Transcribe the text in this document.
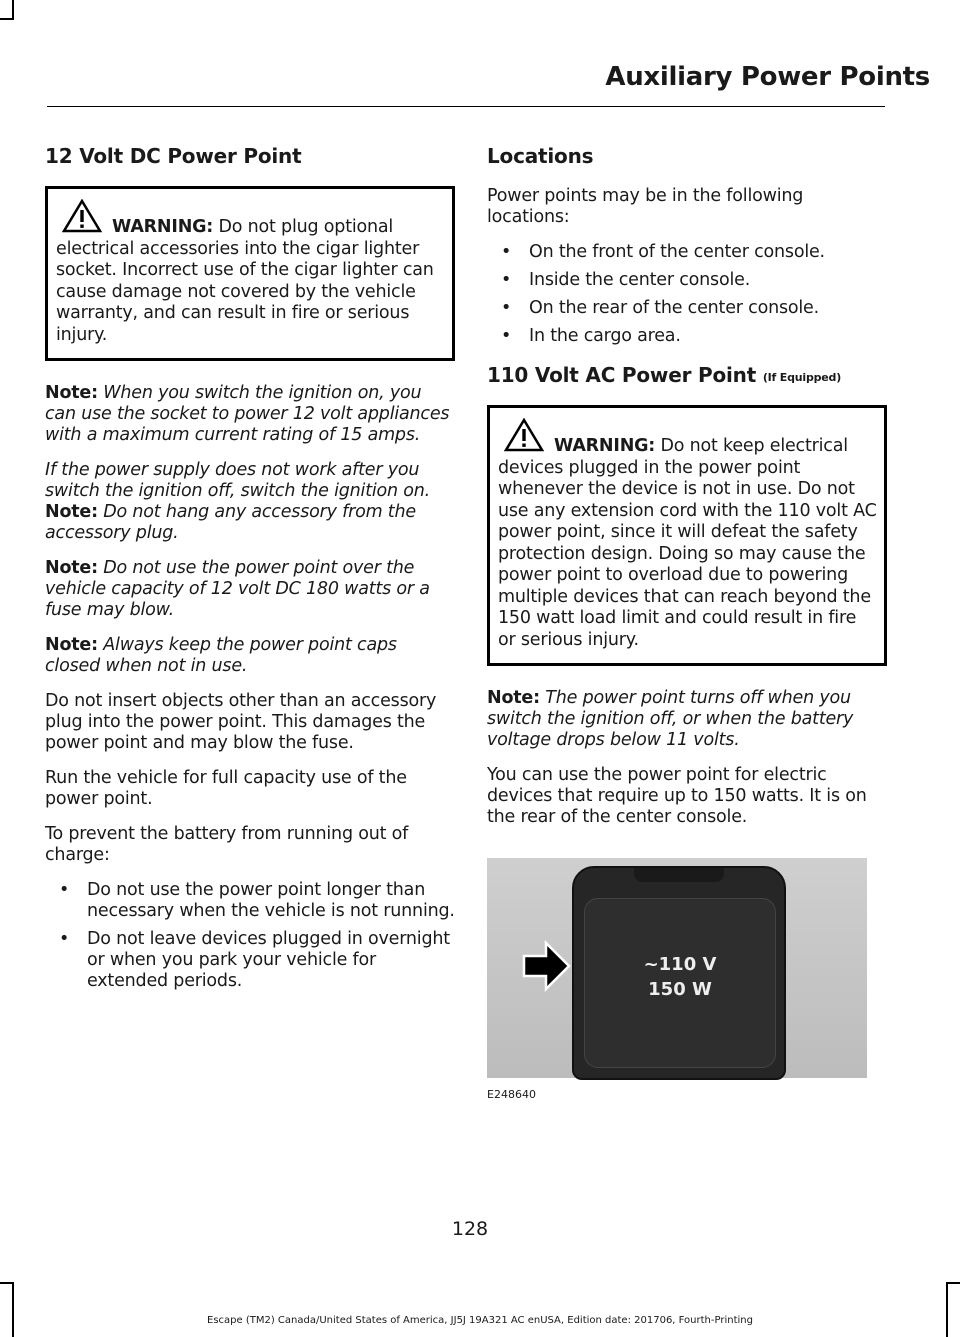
Auxiliary Power Points
12 Volt DC Power Point

WARNING: Do not plug optional

electrical accessories into the cigar lighter socket. Incorrect use of the cigar lighter can cause damage not covered by the vehicle warranty, and can result in fire or serious injury.

Note: When you switch the ignition on, you can use the socket to power 12 volt appliances with a maximum current rating of 15 amps.

If the power supply does not work after you switch the ignition off, switch the ignition on.

Note: Do not hang any accessory from the accessory plug.

Note: Do not use the power point over the vehicle capacity of 12 volt DC 180 watts or a fuse may blow.

Note: Always keep the power point caps closed when not in use.

Do not insert objects other than an accessory plug into the power point. This damages the power point and may blow the fuse.

Run the vehicle for full capacity use of the power point.

To prevent the battery from running out of charge:

• Do not use the power point longer than necessary when the vehicle is not running.
• Do not leave devices plugged in overnight or when you park your vehicle for extended periods.
Locations

Power points may be in the following locations:

• On the front of the center console.
• Inside the center console.
• On the rear of the center console.
• In the cargo area.
110 Volt AC Power Point (If Equipped)

WARNING: Do not keep electrical

devices plugged in the power point whenever the device is not in use. Do not use any extension cord with the 110 volt AC power point, since it will defeat the safety protection design. Doing so may cause the power point to overload due to powering multiple devices that can reach beyond the 150 watt load limit and could result in fire or serious injury.

Note: The power point turns off when you switch the ignition off, or when the battery voltage drops below 11 volts.

You can use the power point for electric devices that require up to 150 watts. It is on the rear of the center console.

~110 V
150 W
E248640
128
Escape (TM2) Canada/United States of America, JJ5J 19A321 AC enUSA, Edition date: 201706, Fourth-Printing
